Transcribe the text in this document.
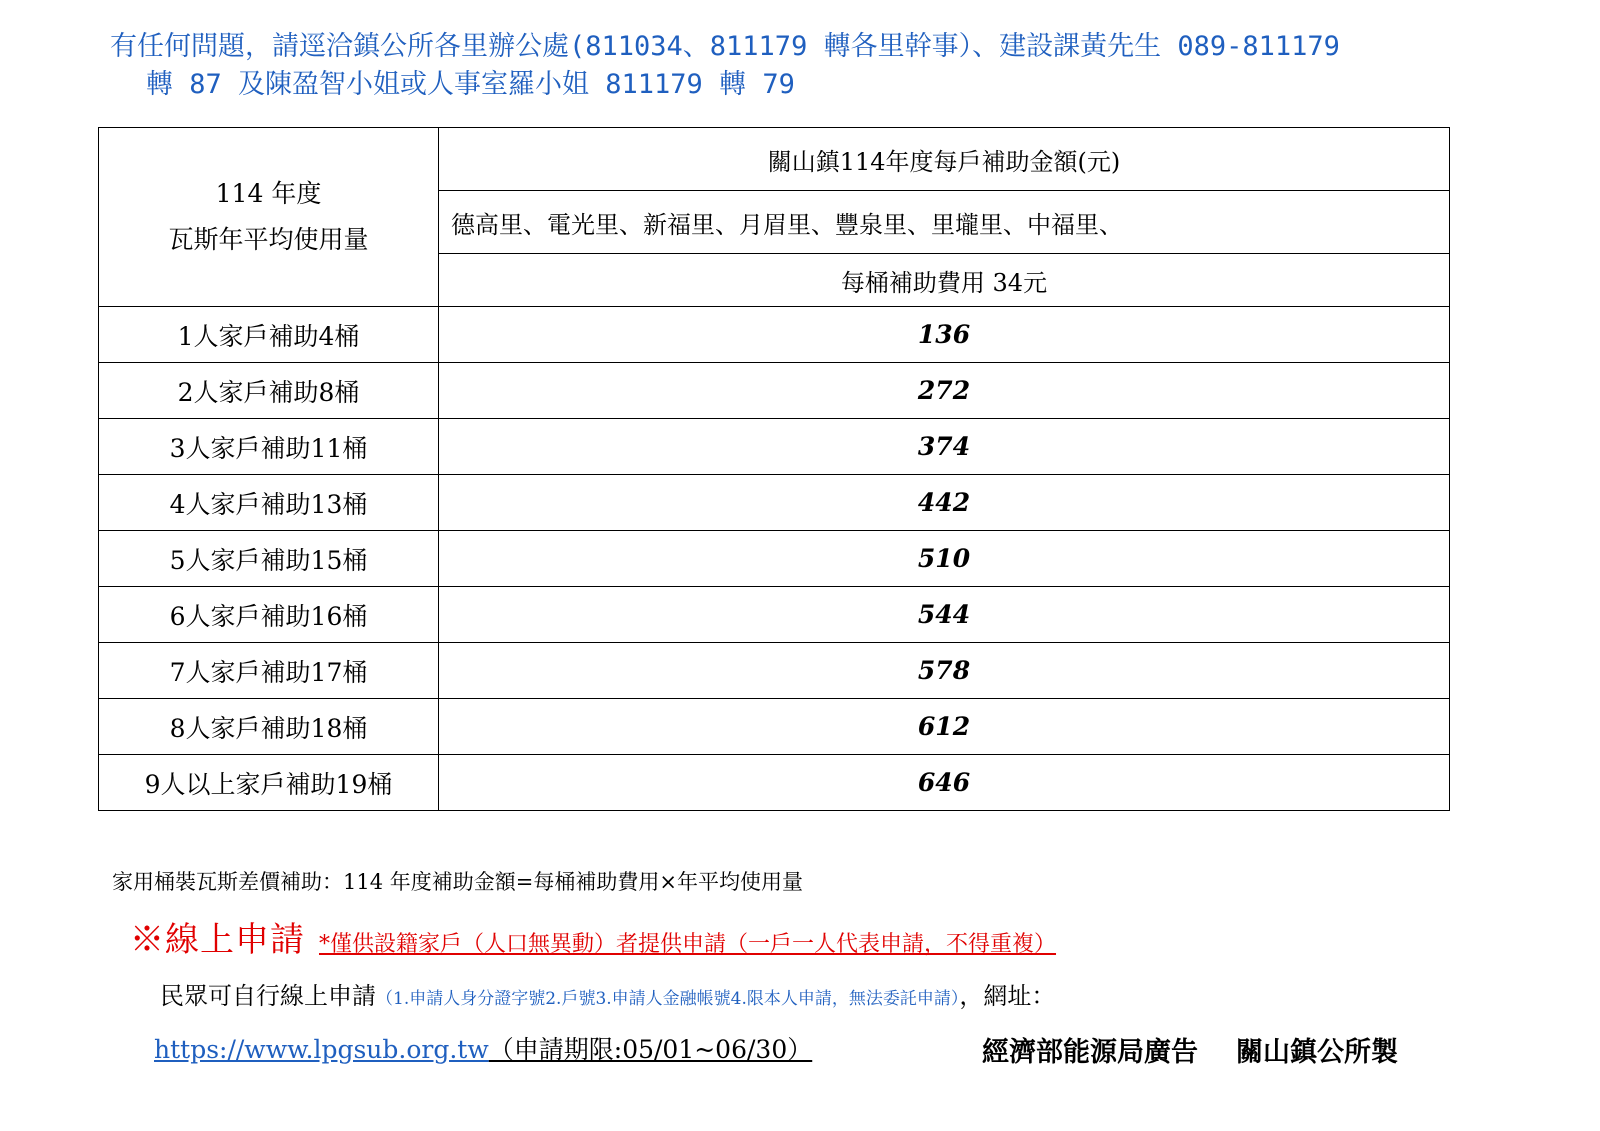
有任何問題，請逕洽鎮公所各里辦公處(811034、811179 轉各里幹事）、建設課黃先生 089-811179
轉 87 及陳盈智小姐或人事室羅小姐 811179 轉 79
114 年度
瓦斯年平均使用量	關山鎮114年度每戶補助金額(元)
	德高里、電光里、新福里、月眉里、豐泉里、里壠里、中福里、
	每桶補助費用 34元
1人家戶補助4桶	136
2人家戶補助8桶	272
3人家戶補助11桶	374
4人家戶補助13桶	442
5人家戶補助15桶	510
6人家戶補助16桶	544
7人家戶補助17桶	578
8人家戶補助18桶	612
9人以上家戶補助19桶	646
家用桶裝瓦斯差價補助：114 年度補助金額=每桶補助費用×年平均使用量
※線上申請 *僅供設籍家戶（人口無異動）者提供申請（一戶一人代表申請，不得重複）
民眾可自行線上申請（1.申請人身分證字號2.戶號3.申請人金融帳號4.限本人申請，無法委託申請），網址：
https://www.lpgsub.org.tw（申請期限:05/01~06/30）	經濟部能源局廣告 關山鎮公所製
